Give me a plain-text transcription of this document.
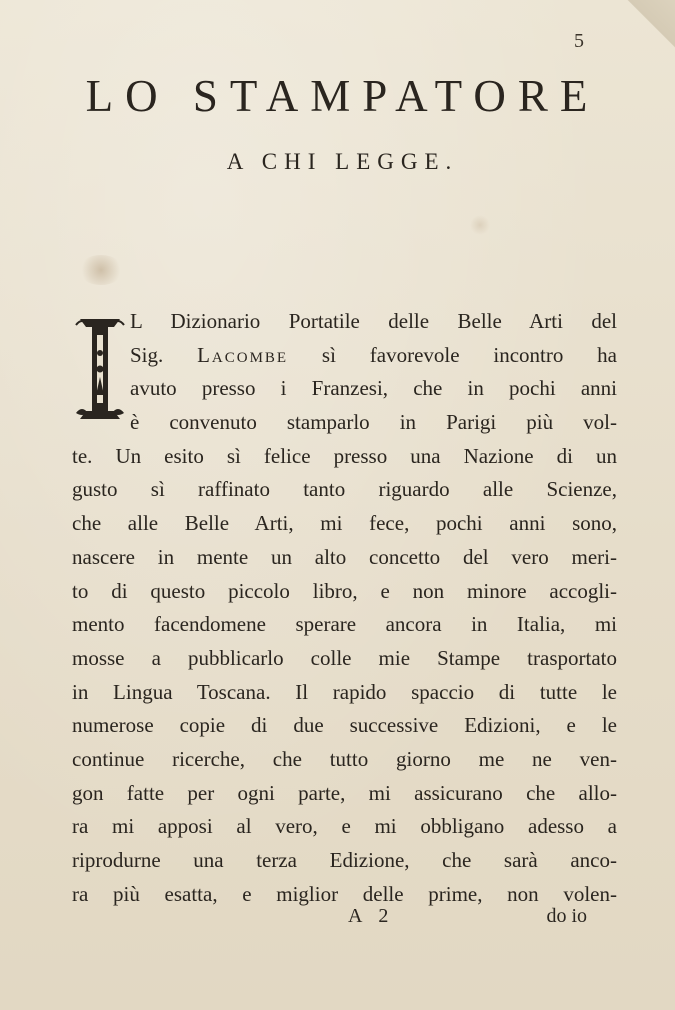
5
LO STAMPATORE
A CHI LEGGE.
L Dizionario Portatile delle Belle Arti del
Sig. Lacombe sì favorevole incontro ha
avuto presso i Franzesi, che in pochi anni
è convenuto stamparlo in Parigi più vol-
te. Un esito sì felice presso una Nazione di un
gusto sì raffinato tanto riguardo alle Scienze,
che alle Belle Arti, mi fece, pochi anni sono,
nascere in mente un alto concetto del vero meri-
to di questo piccolo libro, e non minore accogli-
mento facendomene sperare ancora in Italia, mi
mosse a pubblicarlo colle mie Stampe trasportato
in Lingua Toscana. Il rapido spaccio di tutte le
numerose copie di due successive Edizioni, e le
continue ricerche, che tutto giorno me ne ven-
gon fatte per ogni parte, mi assicurano che allo-
ra mi apposi al vero, e mi obbligano adesso a
riprodurne una terza Edizione, che sarà anco-
ra più esatta, e miglior delle prime, non volen-
A 2	do io
